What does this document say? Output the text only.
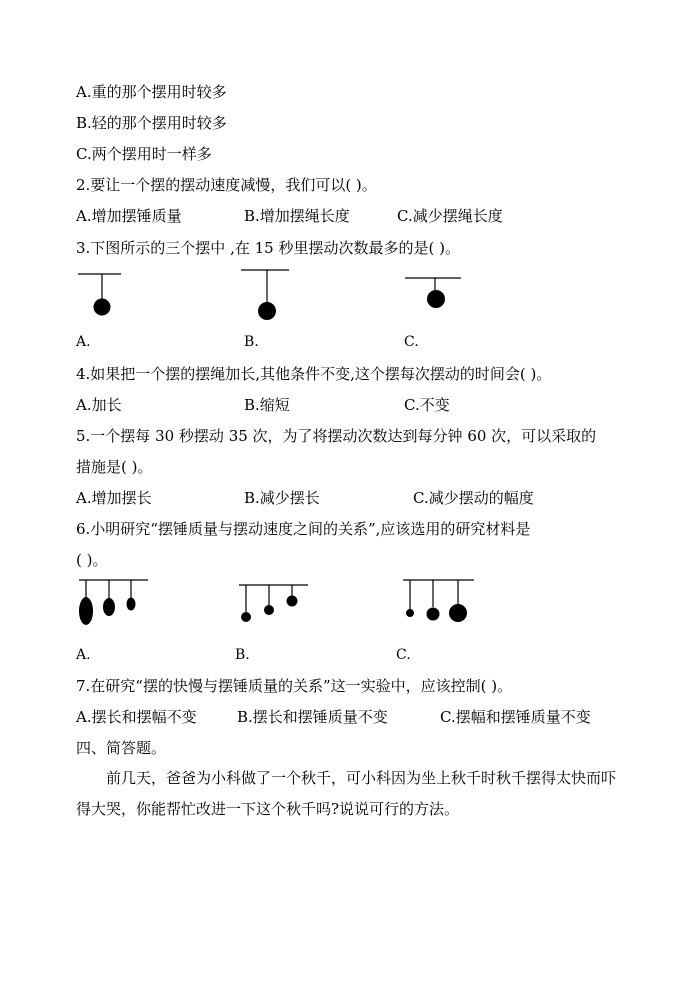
A.重的那个摆用时较多
B.轻的那个摆用时较多
C.两个摆用时一样多
2.要让一个摆的摆动速度减慢，我们可以( )。
A.增加摆锤质量	B.增加摆绳长度	C.减少摆绳长度
3.下图所示的三个摆中 ,在 15 秒里摆动次数最多的是( )。
A.	B.	C.
4.如果把一个摆的摆绳加长,其他条件不变,这个摆每次摆动的时间会( )。
A.加长	B.缩短	C.不变
5.一个摆每 30 秒摆动 35 次，为了将摆动次数达到每分钟 60 次，可以采取的
措施是( )。
A.增加摆长	B.减少摆长	C.减少摆动的幅度
6.小明研究“摆锤质量与摆动速度之间的关系”,应该选用的研究材料是
( )。
A.	B.	C.
7.在研究“摆的快慢与摆锤质量的关系”这一实验中，应该控制( )。
A.摆长和摆幅不变	B.摆长和摆锤质量不变	C.摆幅和摆锤质量不变
四、简答题。
前几天，爸爸为小科做了一个秋千，可小科因为坐上秋千时秋千摆得太快而吓得大哭，你能帮忙改进一下这个秋千吗?说说可行的方法。
